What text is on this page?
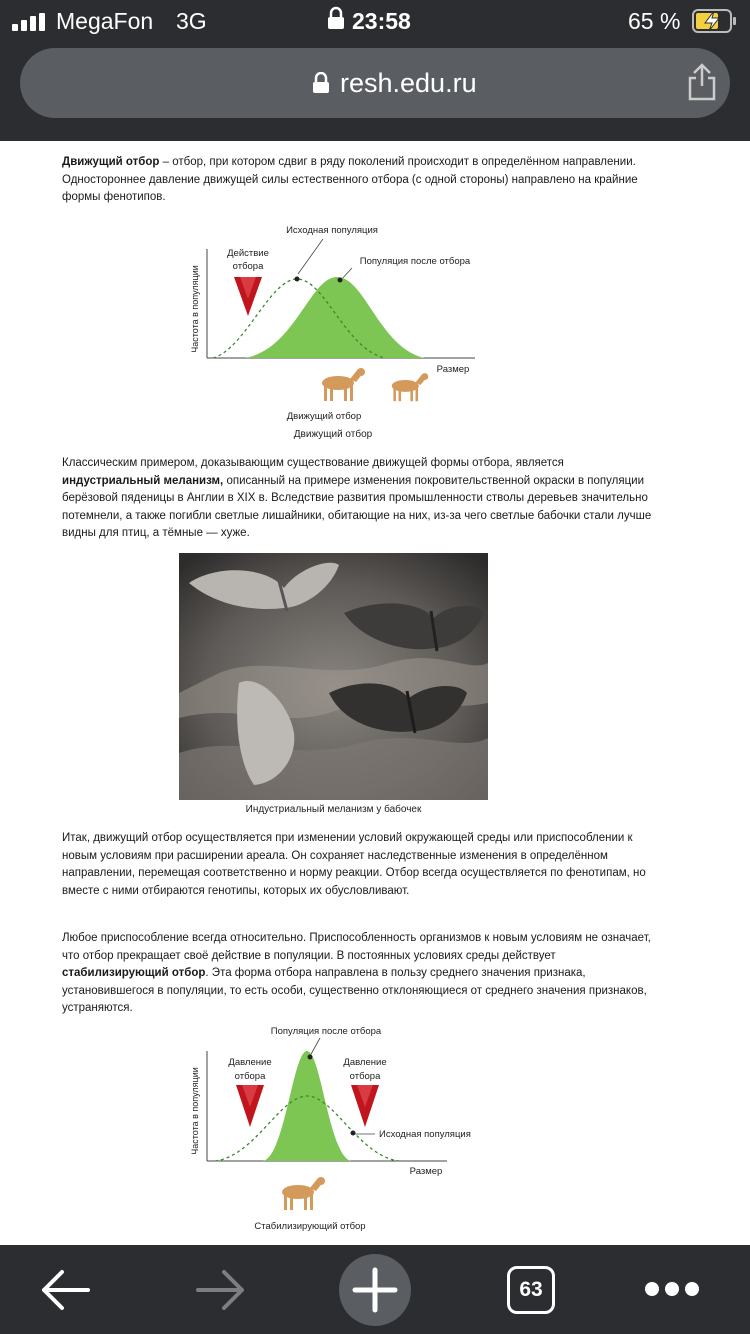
MegaFon 3G	23:58	65 %
resh.edu.ru

Движущий отбор – отбор, при котором сдвиг в ряду поколений происходит в определённом направлении. Одностороннее давление движущей силы естественного отбора (с одной стороны) направлено на крайние формы фенотипов.

Исходная популяция
Популяция после отбора
Действие
отбора
Частота в популяции
Размер
Движущий отбор
Движущий отбор

Классическим примером, доказывающим существование движущей формы отбора, является индустриальный меланизм, описанный на примере изменения покровительственной окраски в популяции берёзовой пяденицы в Англии в XIX в. Вследствие развития промышленности стволы деревьев значительно потемнели, а также погибли светлые лишайники, обитающие на них, из-за чего светлые бабочки стали лучше видны для птиц, а тёмные — хуже.

Индустриальный меланизм у бабочек

Итак, движущий отбор осуществляется при изменении условий окружающей среды или приспособлении к новым условиям при расширении ареала. Он сохраняет наследственные изменения в определённом направлении, перемещая соответственно и норму реакции. Отбор всегда осуществляется по фенотипам, но вместе с ними отбираются генотипы, которых их обусловливают.

Любое приспособление всегда относительно. Приспособленность организмов к новым условиям не означает, что отбор прекращает своё действие в популяции. В постоянных условиях среды действует стабилизирующий отбор. Эта форма отбора направлена в пользу среднего значения признака, установившегося в популяции, то есть особи, существенно отклоняющиеся от среднего значения признаков, устраняются.

Популяция после отбора
Давление
отбора
Давление
отбора
Частота в популяции	Исходная популяция
Размер
Стабилизирующий отбор
63
